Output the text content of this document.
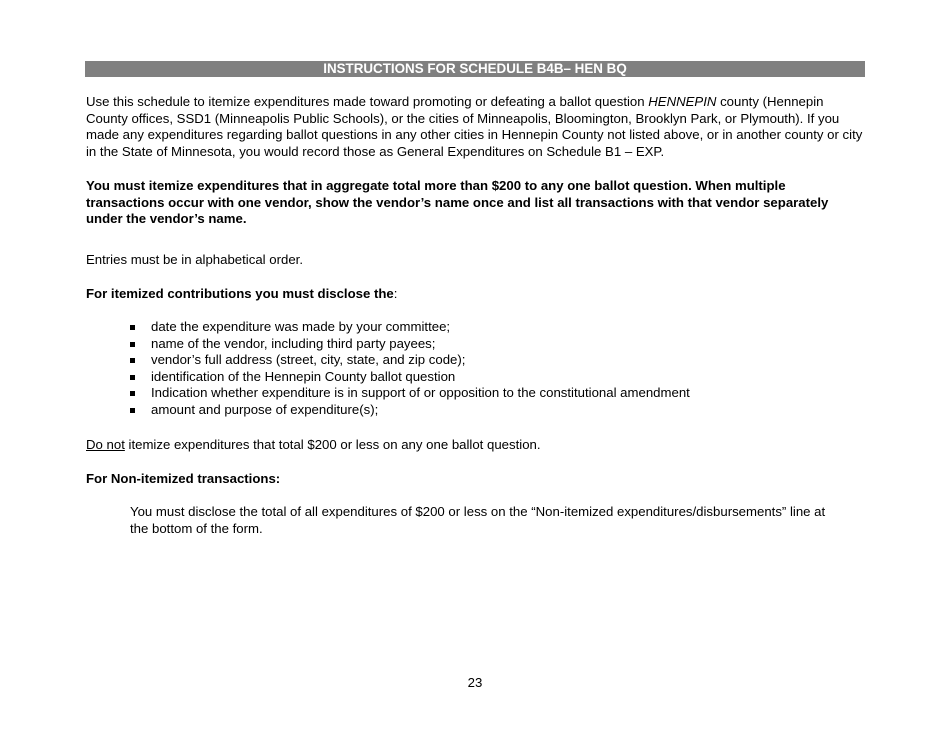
INSTRUCTIONS FOR SCHEDULE B4B– HEN BQ
Use this schedule to itemize expenditures made toward promoting or defeating a ballot question HENNEPIN county (Hennepin County offices, SSD1 (Minneapolis Public Schools), or the cities of Minneapolis, Bloomington, Brooklyn Park, or Plymouth). If you made any expenditures regarding ballot questions in any other cities in Hennepin County not listed above, or in another county or city in the State of Minnesota, you would record those as General Expenditures on Schedule B1 – EXP.
You must itemize expenditures that in aggregate total more than $200 to any one ballot question. When multiple transactions occur with one vendor, show the vendor’s name once and list all transactions with that vendor separately under the vendor’s name.
Entries must be in alphabetical order.
For itemized contributions you must disclose the:
date the expenditure was made by your committee;
name of the vendor, including third party payees;
vendor’s full address (street, city, state, and zip code);
identification of the Hennepin County ballot question
Indication whether expenditure is in support of or opposition to the constitutional amendment
amount and purpose of expenditure(s);
Do not itemize expenditures that total $200 or less on any one ballot question.
For Non-itemized transactions:
You must disclose the total of all expenditures of $200 or less on the “Non-itemized expenditures/disbursements” line at the bottom of the form.
23
